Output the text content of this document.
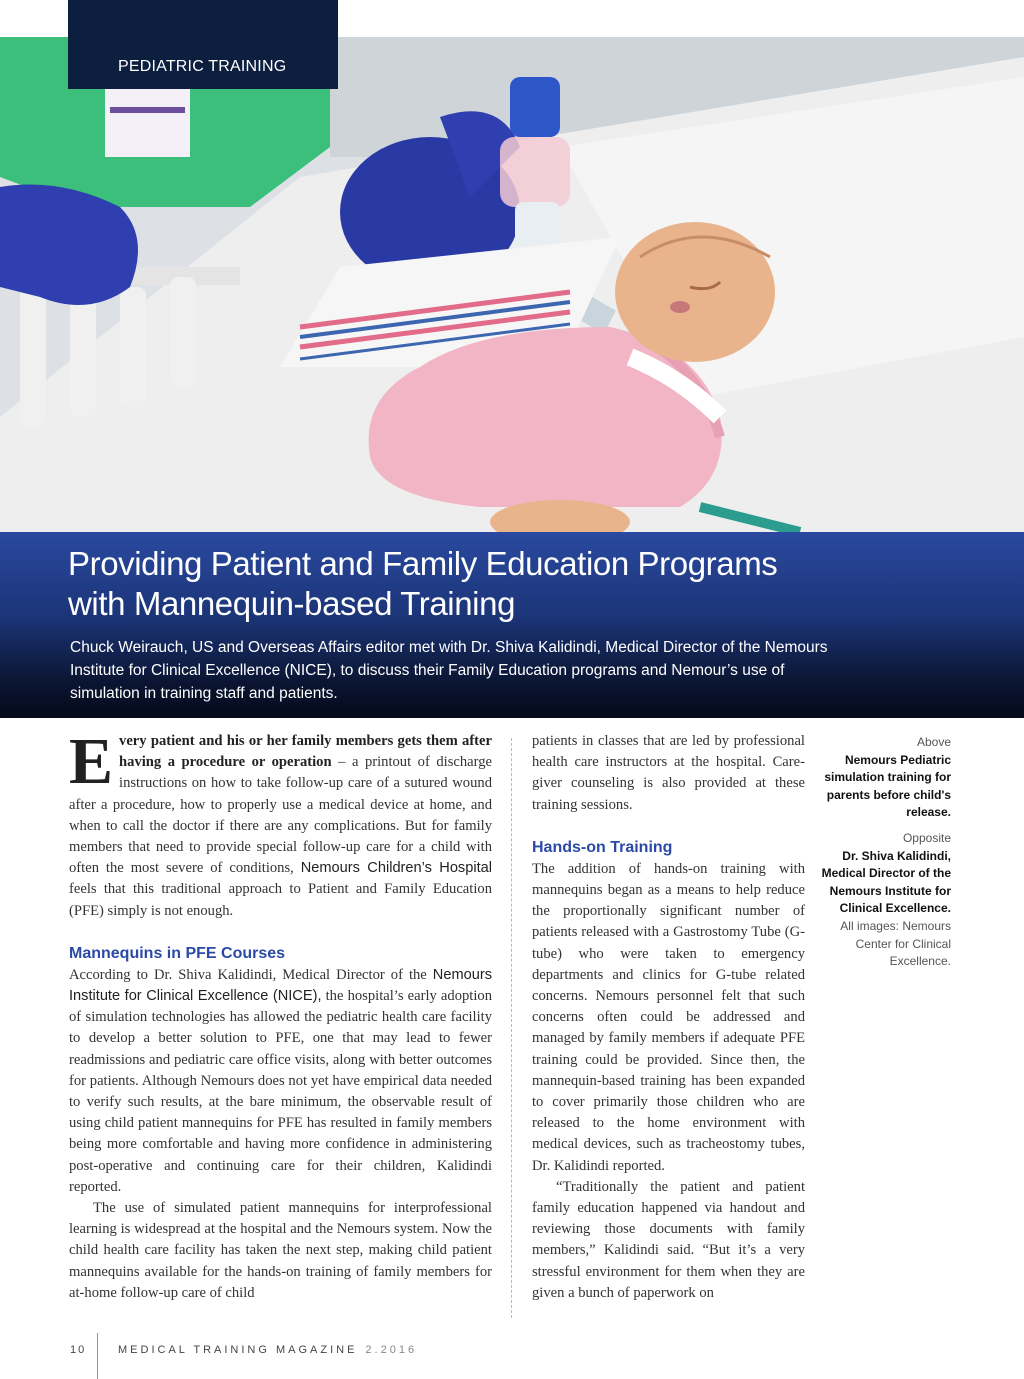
PEDIATRIC TRAINING
Providing Patient and Family Education Programs
with Mannequin-based Training
Chuck Weirauch, US and Overseas Affairs editor met with Dr. Shiva Kalidindi, Medical Director of the Nemours Institute for Clinical Excellence (NICE), to discuss their Family Education programs and Nemour’s use of simulation in training staff and patients.

Every patient and his or her family members gets them after having a procedure or operation – a printout of discharge instructions on how to take follow-up care of a sutured wound after a procedure, how to properly use a medical device at home, and when to call the doctor if there are any complications. But for family members that need to provide special follow-up care for a child with often the most severe of conditions, Nemours Children’s Hospital feels that this traditional approach to Patient and Family Education (PFE) simply is not enough.

Mannequins in PFE Courses

According to Dr. Shiva Kalidindi, Medical Director of the Nemours Institute for Clinical Excellence (NICE), the hospital’s early adoption of simulation technologies has allowed the pediatric health care facility to develop a better solution to PFE, one that may lead to fewer readmissions and pediatric care office visits, along with better outcomes for patients. Although Nemours does not yet have empirical data needed to verify such results, at the bare minimum, the observable result of using child patient mannequins for PFE has resulted in family members being more comfortable and having more confidence in administering post-operative and continuing care for their children, Kalidindi reported.

The use of simulated patient mannequins for interprofessional learning is widespread at the hospital and the Nemours system. Now the child health care facility has taken the next step, making child patient mannequins available for the hands-on training of family members for at-home follow-up care of child

patients in classes that are led by professional health care instructors at the hospital. Care-giver counseling is also provided at these training sessions.

Hands-on Training

The addition of hands-on training with mannequins began as a means to help reduce the proportionally significant number of patients released with a Gastrostomy Tube (G-tube) who were taken to emergency departments and clinics for G-tube related concerns. Nemours personnel felt that such concerns often could be addressed and managed by family members if adequate PFE training could be provided. Since then, the mannequin-based training has been expanded to cover primarily those children who are released to the home environment with medical devices, such as tracheostomy tubes, Dr. Kalidindi reported.

“Traditionally the patient and patient family education happened via handout and reviewing those documents with family members,” Kalidindi said. “But it’s a very stressful environment for them when they are given a bunch of paperwork on

Above
Nemours Pediatric simulation training for parents before child's release.
Opposite
Dr. Shiva Kalidindi, Medical Director of the Nemours Institute for Clinical Excellence.
All images: Nemours Center for Clinical Excellence.
10	MEDICAL TRAINING MAGAZINE 2.2016
